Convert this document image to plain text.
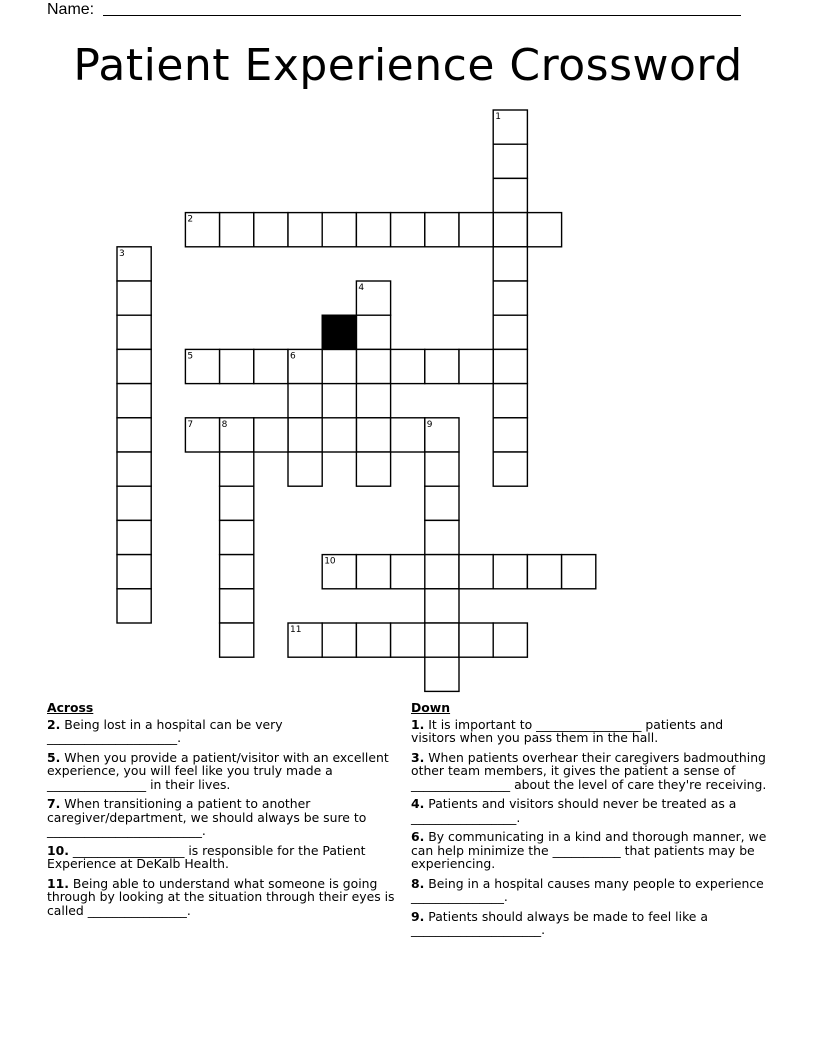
Name:
Patient Experience Crossword
1
2
3
4
5	6
7	8	9
10
11
Across
2. Being lost in a hospital can be very _____________________.
5. When you provide a patient/visitor with an excellent experience, you will feel like you truly made a ________________ in their lives.
7. When transitioning a patient to another caregiver/department, we should always be sure to _________________________.
10. __________________ is responsible for the Patient Experience at DeKalb Health.
11. Being able to understand what someone is going through by looking at the situation through their eyes is called ________________.
Down
1. It is important to _________________ patients and visitors when you pass them in the hall.
3. When patients overhear their caregivers badmouthing other team members, it gives the patient a sense of ________________ about the level of care they're receiving.
4. Patients and visitors should never be treated as a _________________.
6. By communicating in a kind and thorough manner, we can help minimize the ___________ that patients may be experiencing.
8. Being in a hospital causes many people to experience _______________.
9. Patients should always be made to feel like a _____________________.
